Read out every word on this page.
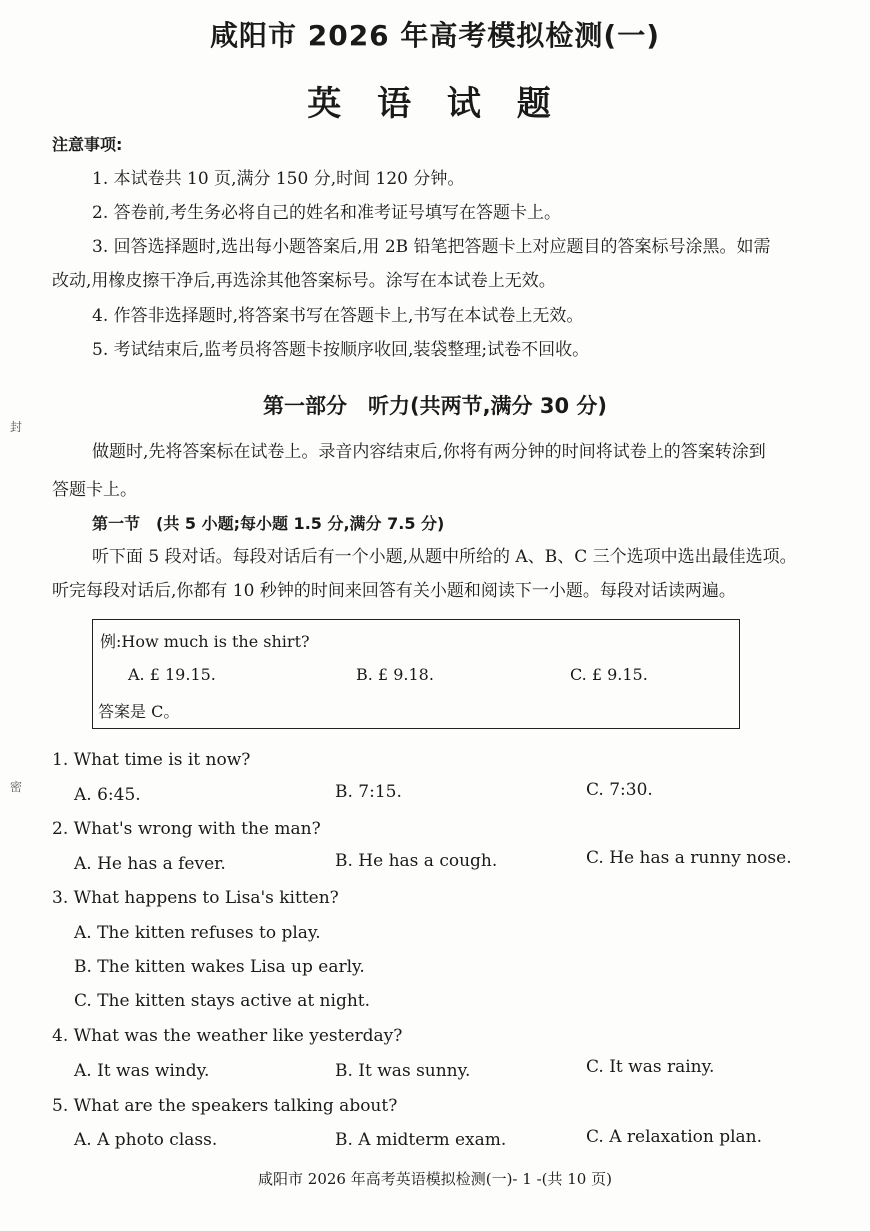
封
密
咸阳市 2026 年高考模拟检测(一)
英 语 试 题
注意事项:
1. 本试卷共 10 页,满分 150 分,时间 120 分钟。
2. 答卷前,考生务必将自己的姓名和准考证号填写在答题卡上。
3. 回答选择题时,选出每小题答案后,用 2B 铅笔把答题卡上对应题目的答案标号涂黑。如需
改动,用橡皮擦干净后,再选涂其他答案标号。涂写在本试卷上无效。
4. 作答非选择题时,将答案书写在答题卡上,书写在本试卷上无效。
5. 考试结束后,监考员将答题卡按顺序收回,装袋整理;试卷不回收。
第一部分　听力(共两节,满分 30 分)
做题时,先将答案标在试卷上。录音内容结束后,你将有两分钟的时间将试卷上的答案转涂到
答题卡上。
第一节　(共 5 小题;每小题 1.5 分,满分 7.5 分)
听下面 5 段对话。每段对话后有一个小题,从题中所给的 A、B、C 三个选项中选出最佳选项。
听完每段对话后,你都有 10 秒钟的时间来回答有关小题和阅读下一小题。每段对话读两遍。
例:How much is the shirt?
A. £ 19.15.	B. £ 9.18.	C. £ 9.15.
答案是 C。
1. What time is it now?
A. 6:45.	B. 7:15.	C. 7:30.
2. What's wrong with the man?
A. He has a fever.	B. He has a cough.	C. He has a runny nose.
3. What happens to Lisa's kitten?
A. The kitten refuses to play.
B. The kitten wakes Lisa up early.
C. The kitten stays active at night.
4. What was the weather like yesterday?
A. It was windy.	B. It was sunny.	C. It was rainy.
5. What are the speakers talking about?
A. A photo class.	B. A midterm exam.	C. A relaxation plan.
咸阳市 2026 年高考英语模拟检测(一)- 1 -(共 10 页)
